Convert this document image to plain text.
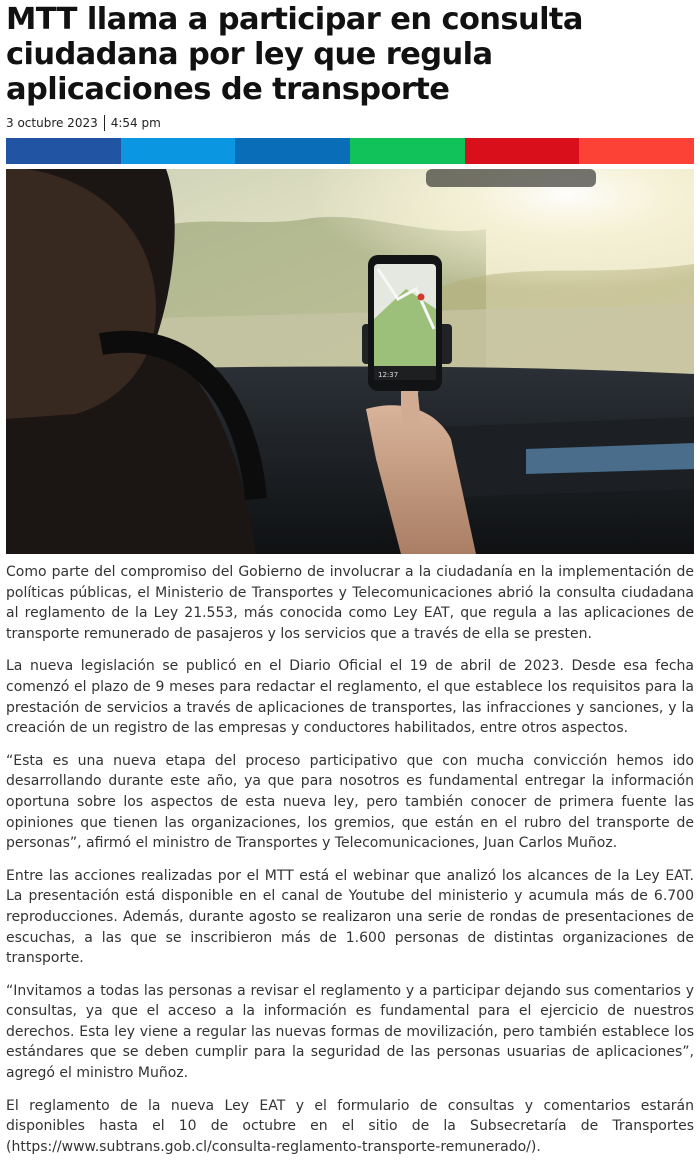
MTT llama a participar en consulta ciudadana por ley que regula aplicaciones de transporte
3 octubre 2023 4:54 pm
12:37

Como parte del compromiso del Gobierno de involucrar a la ciudadanía en la implementación de políticas públicas, el Ministerio de Transportes y Telecomunicaciones abrió la consulta ciudadana al reglamento de la Ley 21.553, más conocida como Ley EAT, que regula a las aplicaciones de transporte remunerado de pasajeros y los servicios que a través de ella se presten.

La nueva legislación se publicó en el Diario Oficial el 19 de abril de 2023. Desde esa fecha comenzó el plazo de 9 meses para redactar el reglamento, el que establece los requisitos para la prestación de servicios a través de aplicaciones de transportes, las infracciones y sanciones, y la creación de un registro de las empresas y conductores habilitados, entre otros aspectos.

“Esta es una nueva etapa del proceso participativo que con mucha convicción hemos ido desarrollando durante este año, ya que para nosotros es fundamental entregar la información oportuna sobre los aspectos de esta nueva ley, pero también conocer de primera fuente las opiniones que tienen las organizaciones, los gremios, que están en el rubro del transporte de personas”, afirmó el ministro de Transportes y Telecomunicaciones, Juan Carlos Muñoz.

Entre las acciones realizadas por el MTT está el webinar que analizó los alcances de la Ley EAT. La presentación está disponible en el canal de Youtube del ministerio y acumula más de 6.700 reproducciones. Además, durante agosto se realizaron una serie de rondas de presentaciones de escuchas, a las que se inscribieron más de 1.600 personas de distintas organizaciones de transporte.

“Invitamos a todas las personas a revisar el reglamento y a participar dejando sus comentarios y consultas, ya que el acceso a la información es fundamental para el ejercicio de nuestros derechos. Esta ley viene a regular las nuevas formas de movilización, pero también establece los estándares que se deben cumplir para la seguridad de las personas usuarias de aplicaciones”, agregó el ministro Muñoz.

El reglamento de la nueva Ley EAT y el formulario de consultas y comentarios estarán disponibles hasta el 10 de octubre en el sitio de la Subsecretaría de Transportes (https://www.subtrans.gob.cl/consulta-reglamento-transporte-remunerado/).
